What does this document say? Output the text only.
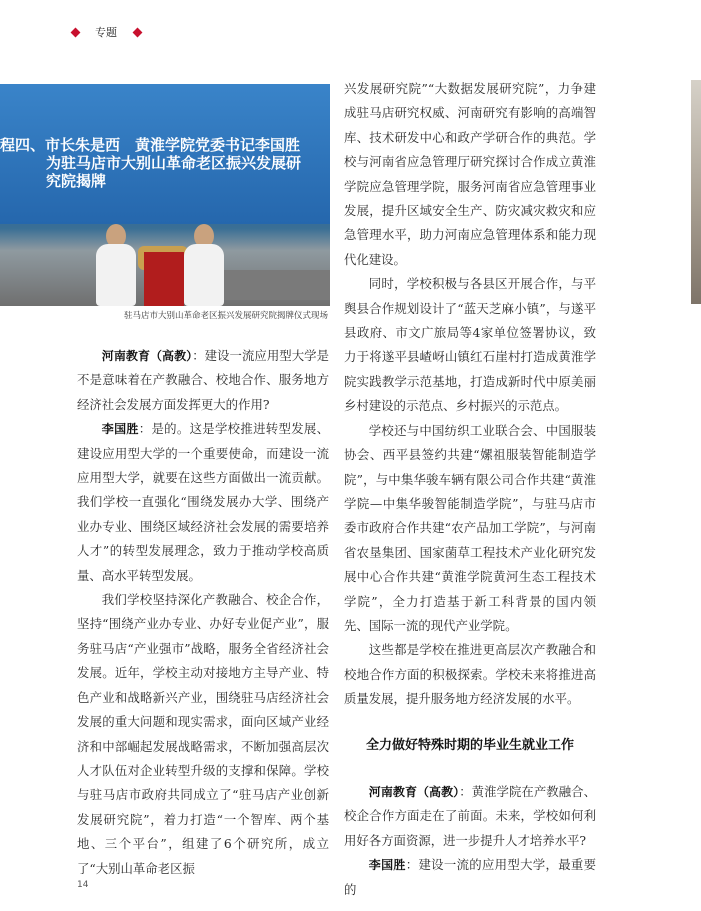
专题
程四、市长朱是西　黄淮学院党委书记李国胜
为驻马店市大别山革命老区振兴发展研
究院揭牌
驻马店市大别山革命老区振兴发展研究院揭牌仪式现场

河南教育（高教）：建设一流应用型大学是不是意味着在产教融合、校地合作、服务地方经济社会发展方面发挥更大的作用?

李国胜：是的。这是学校推进转型发展、建设应用型大学的一个重要使命，而建设一流应用型大学，就要在这些方面做出一流贡献。我们学校一直强化“围绕发展办大学、围绕产业办专业、围绕区域经济社会发展的需要培养人才”的转型发展理念，致力于推动学校高质量、高水平转型发展。

我们学校坚持深化产教融合、校企合作，坚持“围绕产业办专业、办好专业促产业”，服务驻马店“产业强市”战略，服务全省经济社会发展。近年，学校主动对接地方主导产业、特色产业和战略新兴产业，围绕驻马店经济社会发展的重大问题和现实需求，面向区域产业经济和中部崛起发展战略需求，不断加强高层次人才队伍对企业转型升级的支撑和保障。学校与驻马店市政府共同成立了“驻马店产业创新发展研究院”，着力打造“一个智库、两个基地、三个平台”，组建了6个研究所，成立了“大别山革命老区振

兴发展研究院”“大数据发展研究院”，力争建成驻马店研究权威、河南研究有影响的高端智库、技术研发中心和政产学研合作的典范。学校与河南省应急管理厅研究探讨合作成立黄淮学院应急管理学院，服务河南省应急管理事业发展，提升区域安全生产、防灾减灾救灾和应急管理水平，助力河南应急管理体系和能力现代化建设。

同时，学校积极与各县区开展合作，与平舆县合作规划设计了“蓝天芝麻小镇”，与遂平县政府、市文广旅局等4家单位签署协议，致力于将遂平县嵖岈山镇红石崖村打造成黄淮学院实践教学示范基地，打造成新时代中原美丽乡村建设的示范点、乡村振兴的示范点。

学校还与中国纺织工业联合会、中国服装协会、西平县签约共建“嫘祖服装智能制造学院”，与中集华骏车辆有限公司合作共建“黄淮学院—中集华骏智能制造学院”，与驻马店市委市政府合作共建“农产品加工学院”，与河南省农垦集团、国家菌草工程技术产业化研究发展中心合作共建“黄淮学院黄河生态工程技术学院”，全力打造基于新工科背景的国内领先、国际一流的现代产业学院。

这些都是学校在推进更高层次产教融合和校地合作方面的积极探索。学校未来将推进高质量发展，提升服务地方经济发展的水平。

全力做好特殊时期的毕业生就业工作

河南教育（高教）：黄淮学院在产教融合、校企合作方面走在了前面。未来，学校如何利用好各方面资源，进一步提升人才培养水平?

李国胜：建设一流的应用型大学，最重要的

14
